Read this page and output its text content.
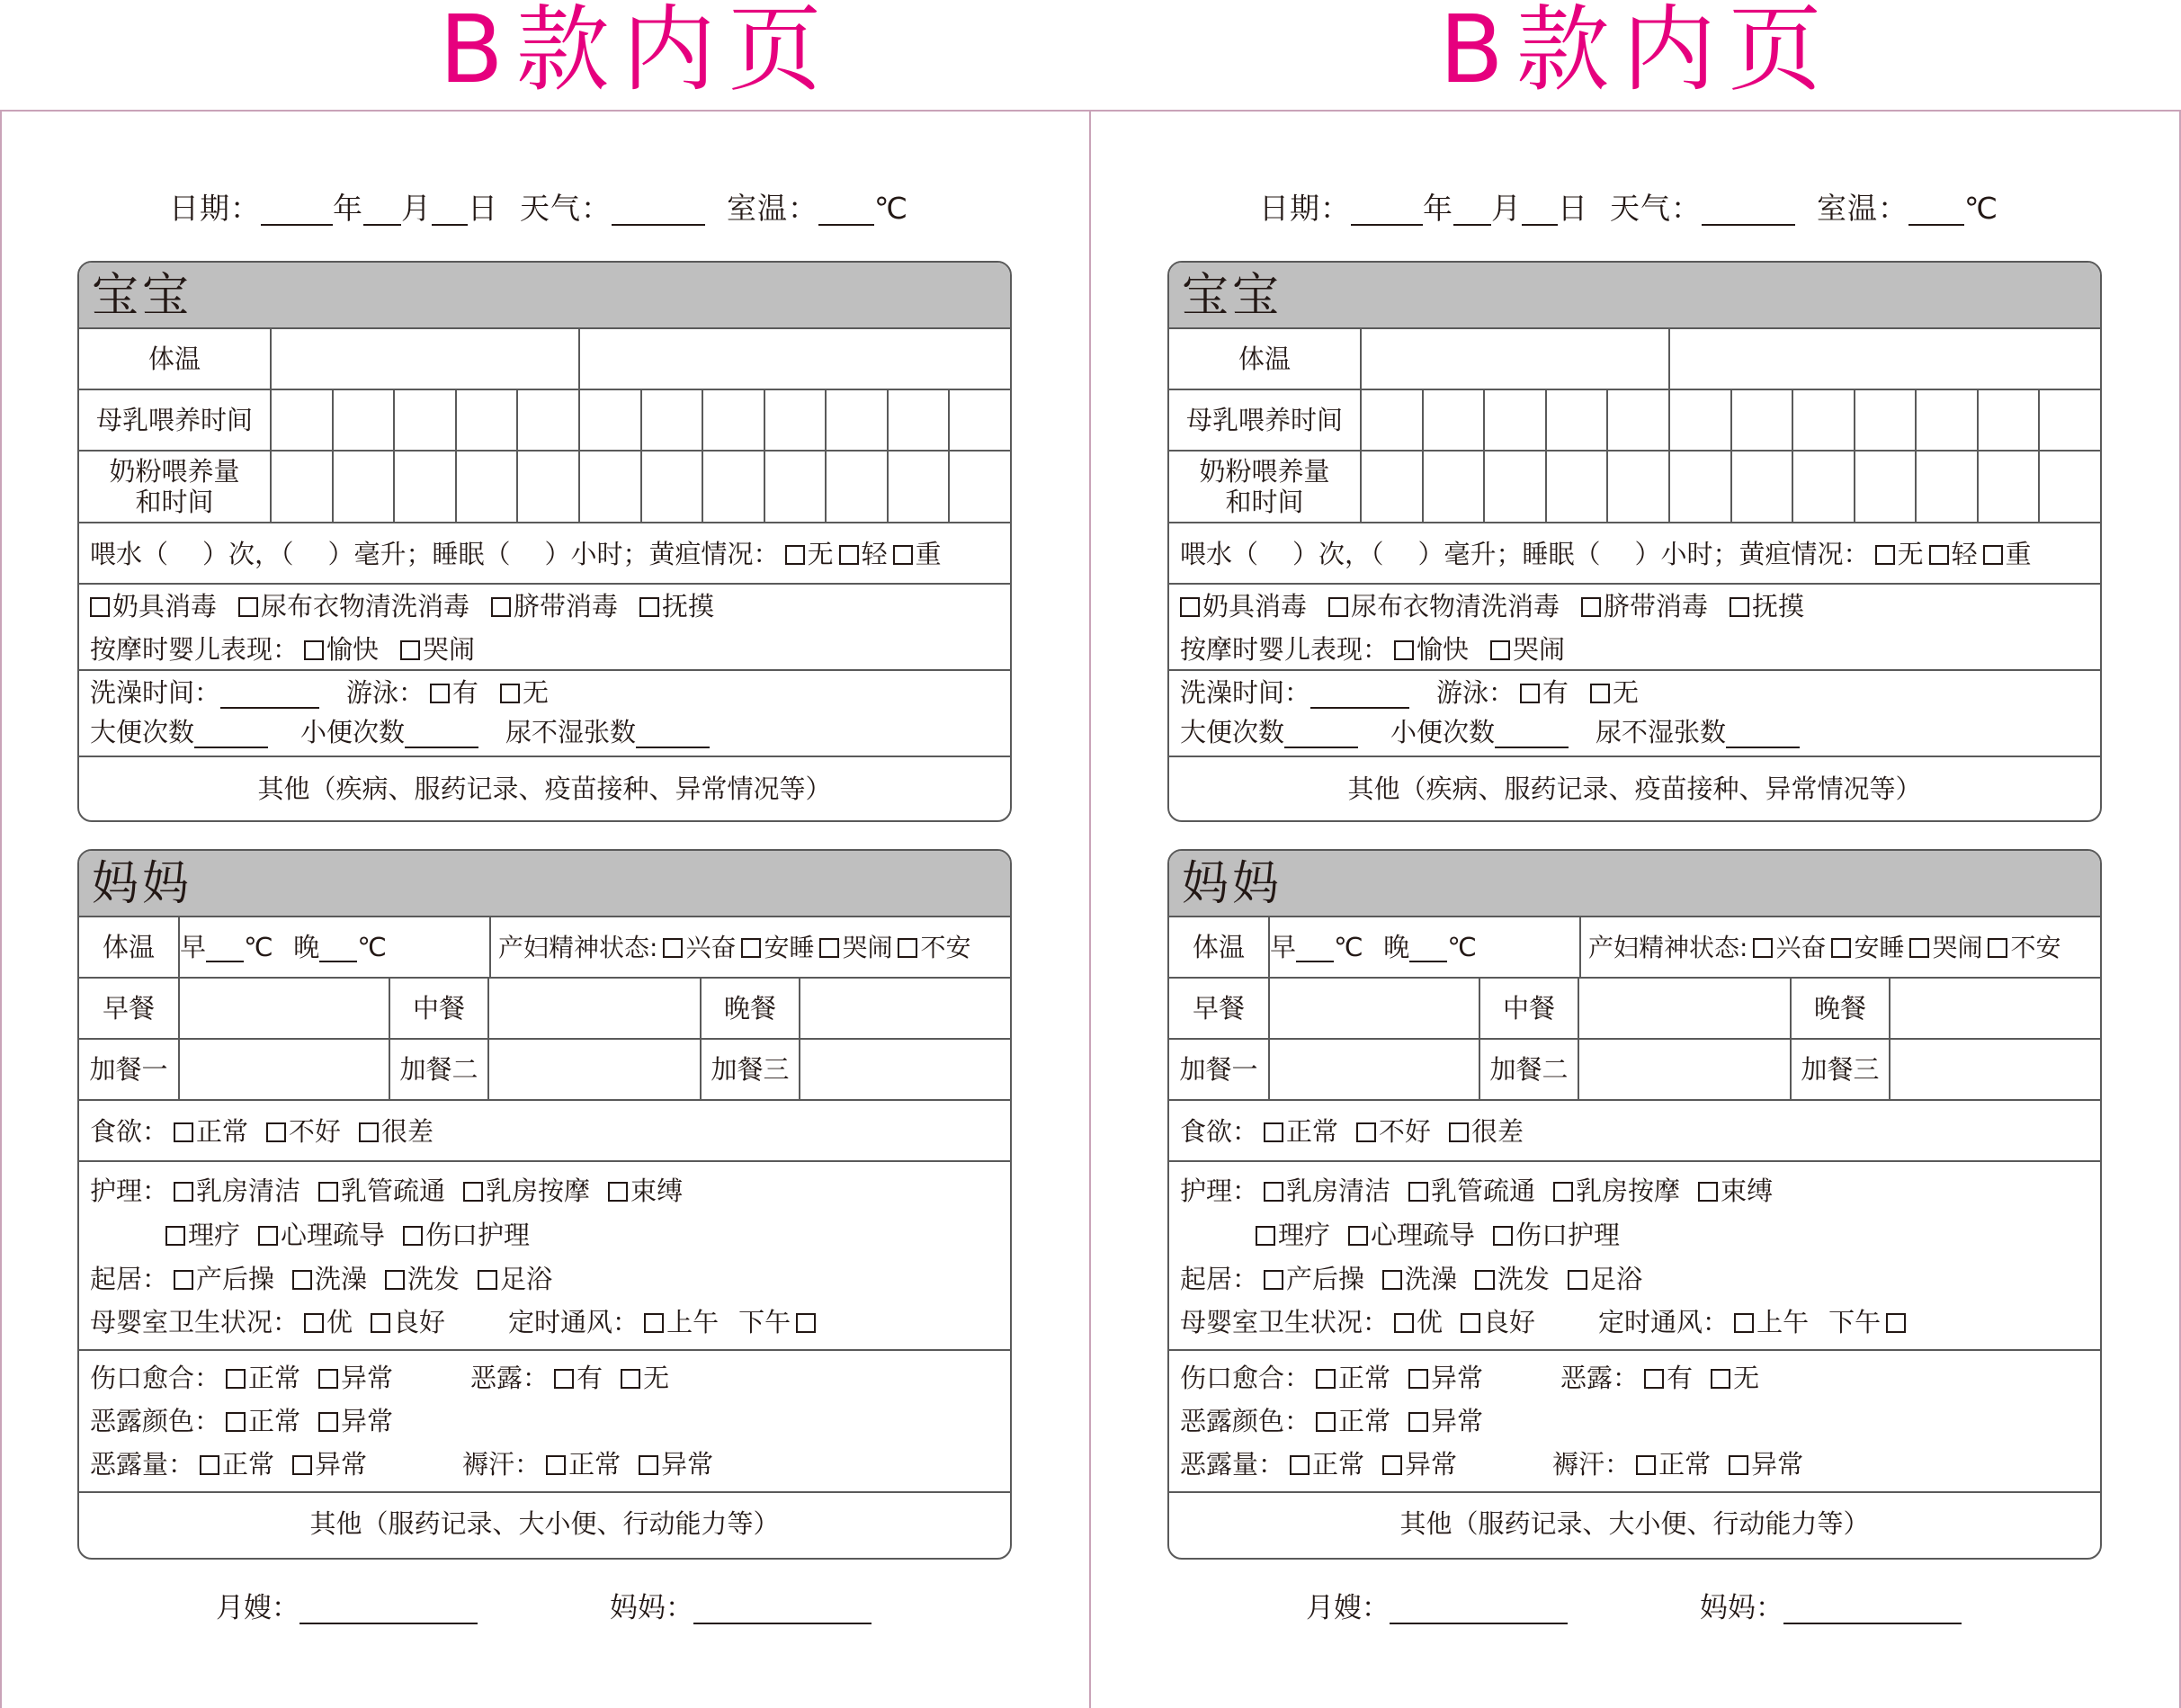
B款内页	B款内页
日期： 年 月 日 天气：	室温： ℃
宝宝
体温
母乳喂养时间
奶粉喂养量
和时间
喂水（ ）次，（ ）毫升；睡眠（ ）小时；黄疸情况： 无 轻 重
奶具消毒 尿布衣物清洗消毒 脐带消毒 抚摸
按摩时婴儿表现： 愉快 哭闹
洗澡时间：	游泳： 有 无
大便次数	小便次数	尿不湿张数
其他（疾病、服药记录、疫苗接种、异常情况等）
妈妈
体温 早 ℃ 晚 ℃	产妇精神状态: 兴奋 安睡 哭闹 不安
早餐	中餐	晚餐
加餐一	加餐二	加餐三
食欲： 正常 不好 很差
护理： 乳房清洁 乳管疏通 乳房按摩 束缚
理疗 心理疏导 伤口护理
起居： 产后操 洗澡 洗发 足浴
母婴室卫生状况： 优 良好 定时通风： 上午 下午
伤口愈合： 正常 异常	恶露： 有 无
恶露颜色： 正常 异常
恶露量： 正常 异常	褥汗： 正常 异常
其他（服药记录、大小便、行动能力等）
月嫂：	妈妈：
日期： 年 月 日 天气：	室温： ℃
宝宝
体温
母乳喂养时间
奶粉喂养量
和时间
喂水（ ）次，（ ）毫升；睡眠（ ）小时；黄疸情况： 无 轻 重
奶具消毒 尿布衣物清洗消毒 脐带消毒 抚摸
按摩时婴儿表现： 愉快 哭闹
洗澡时间：	游泳： 有 无
大便次数	小便次数	尿不湿张数
其他（疾病、服药记录、疫苗接种、异常情况等）
妈妈
体温 早 ℃ 晚 ℃	产妇精神状态: 兴奋 安睡 哭闹 不安
早餐	中餐	晚餐
加餐一	加餐二	加餐三
食欲： 正常 不好 很差
护理： 乳房清洁 乳管疏通 乳房按摩 束缚
理疗 心理疏导 伤口护理
起居： 产后操 洗澡 洗发 足浴
母婴室卫生状况： 优 良好 定时通风： 上午 下午
伤口愈合： 正常 异常	恶露： 有 无
恶露颜色： 正常 异常
恶露量： 正常 异常	褥汗： 正常 异常
其他（服药记录、大小便、行动能力等）
月嫂：	妈妈：
